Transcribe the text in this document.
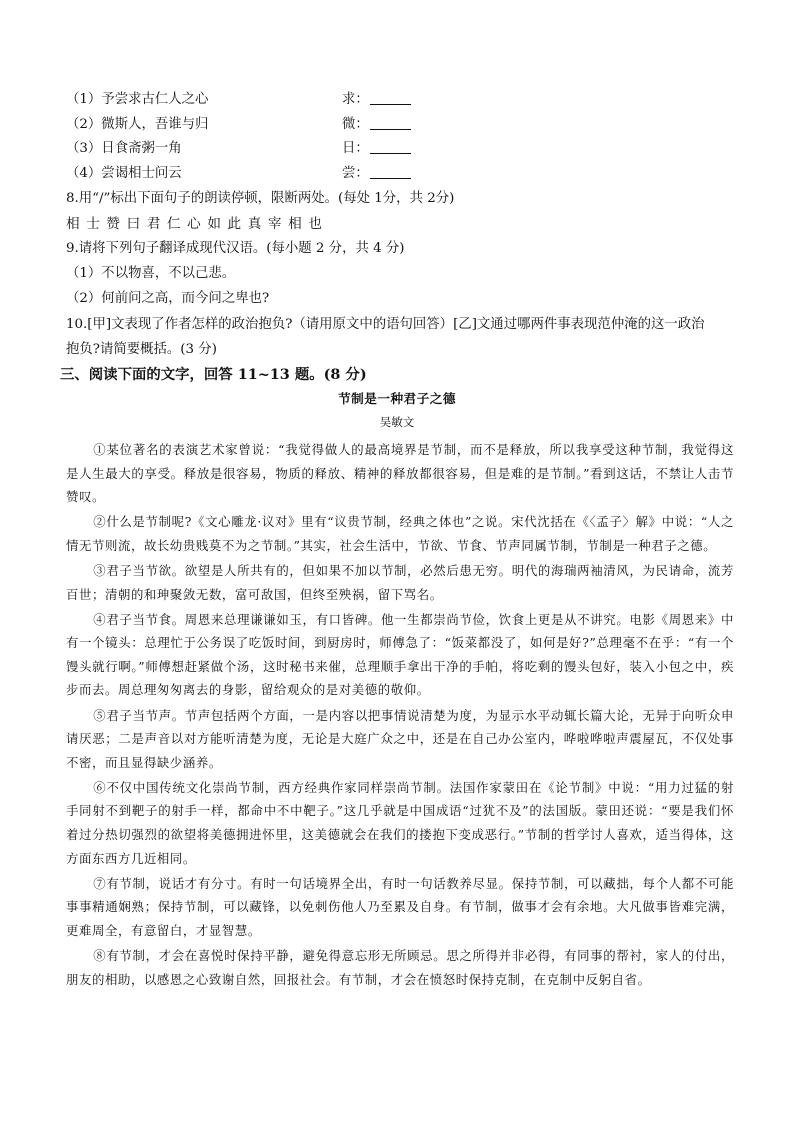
（1）予尝求古仁人之心	求：
（2）微斯人，吾谁与归	微：
（3）日食斋粥一角	日：
（4）尝谒相士问云	尝：
8.用“/”标出下面句子的朗读停顿，限断两处。(每处 1分，共 2分)
相士赞曰君仁心如此真宰相也
9.请将下列句子翻译成现代汉语。(每小题 2 分，共 4 分)
（1）不以物喜，不以己悲。
（2）何前问之高，而今问之卑也?
10.[甲]文表现了作者怎样的政治抱负?（请用原文中的语句回答）[乙]文通过哪两件事表现范仲淹的这一政治
抱负?请简要概括。(3 分)
三、阅读下面的文字，回答 11~13 题。(8 分)
节制是一种君子之德
吴敏文

①某位著名的表演艺术家曾说：“我觉得做人的最高境界是节制，而不是释放，所以我享受这种节制，我觉得这是人生最大的享受。释放是很容易，物质的释放、精神的释放都很容易，但是难的是节制。”看到这话，不禁让人击节赞叹。

②什么是节制呢?《文心雕龙·议对》里有“议贵节制，经典之体也”之说。宋代沈括在《〈孟子〉解》中说：“人之情无节则流，故长幼贵贱莫不为之节制。”其实，社会生活中，节欲、节食、节声同属节制，节制是一种君子之德。

③君子当节欲。欲望是人所共有的，但如果不加以节制，必然后患无穷。明代的海瑞两袖清风，为民请命，流芳百世；清朝的和珅聚敛无数，富可敌国，但终至殃祸，留下骂名。

④君子当节食。周恩来总理谦谦如玉，有口皆碑。他一生都崇尚节俭，饮食上更是从不讲究。电影《周恩来》中有一个镜头：总理忙于公务误了吃饭时间，到厨房时，师傅急了：“饭菜都没了，如何是好?”总理毫不在乎：“有一个馒头就行啊。”师傅想赶紧做个汤，这时秘书来催，总理顺手拿出干净的手帕，将吃剩的馒头包好，装入小包之中，疾步而去。周总理匆匆离去的身影，留给观众的是对美德的敬仰。

⑤君子当节声。节声包括两个方面，一是内容以把事情说清楚为度，为显示水平动辄长篇大论，无异于向听众申请厌恶；二是声音以对方能听清楚为度，无论是大庭广众之中，还是在自己办公室内，哗啦哗啦声震屋瓦，不仅处事不密，而且显得缺少涵养。

⑥不仅中国传统文化崇尚节制，西方经典作家同样崇尚节制。法国作家蒙田在《论节制》中说：“用力过猛的射手同射不到靶子的射手一样，都命中不中靶子。”这几乎就是中国成语“过犹不及”的法国版。蒙田还说：“要是我们怀着过分热切强烈的欲望将美德拥进怀里，这美德就会在我们的搂抱下变成恶行。”节制的哲学讨人喜欢，适当得体，这方面东西方几近相同。

⑦有节制，说话才有分寸。有时一句话境界全出，有时一句话教养尽显。保持节制，可以藏拙，每个人都不可能事事精通娴熟；保持节制，可以藏锋，以免刺伤他人乃至累及自身。有节制，做事才会有余地。大凡做事皆难完满，更难周全，有意留白，才显智慧。

⑧有节制，才会在喜悦时保持平静，避免得意忘形无所顾忌。思之所得并非必得，有同事的帮衬，家人的付出，朋友的相助，以感恩之心致谢自然，回报社会。有节制，才会在愤怒时保持克制，在克制中反躬自省。
